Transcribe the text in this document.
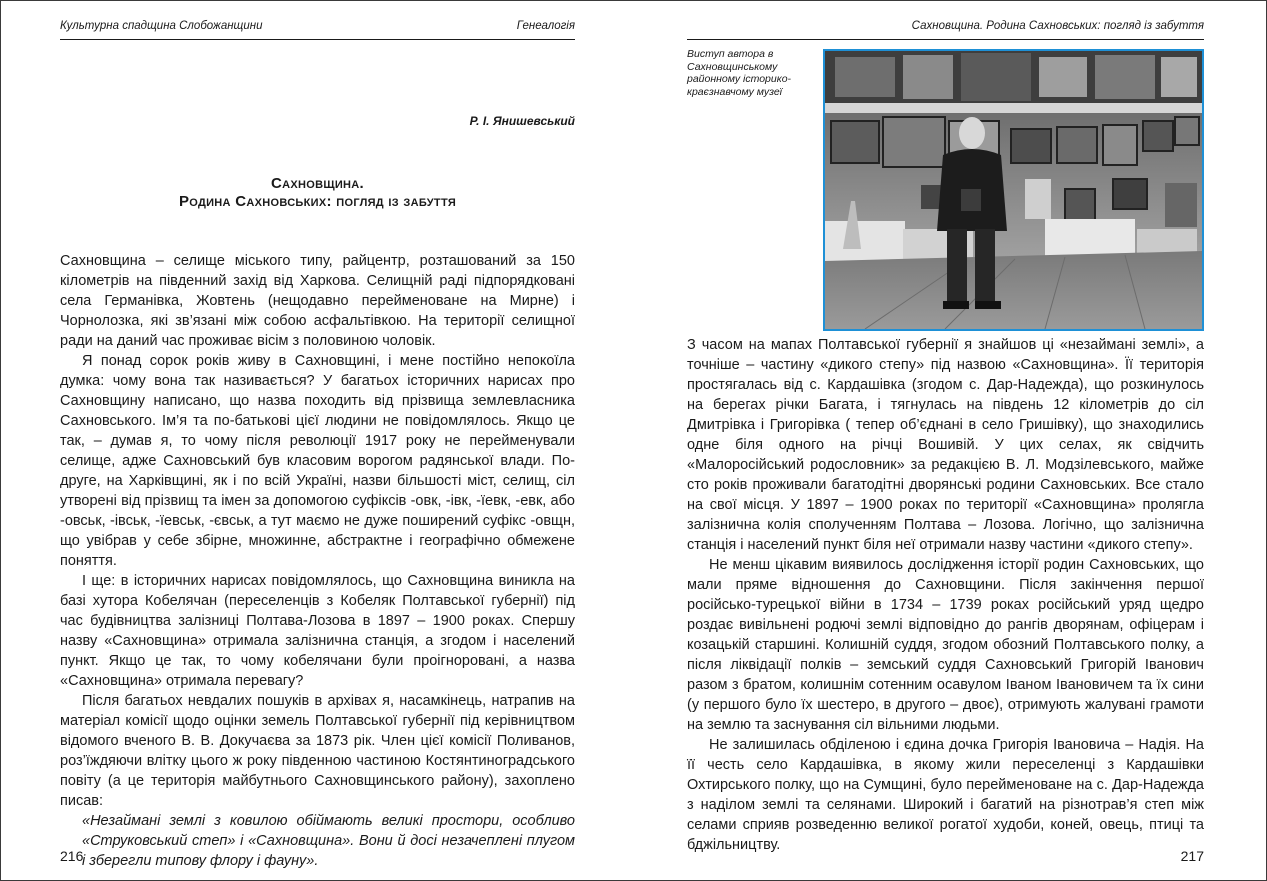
Культурна спадщина Слобожанщини	Генеалогія
Р. І. Янишевський
Сахновщина.
Родина Сахновських: погляд із забуття

Сахновщина – селище міського типу, райцентр, розташований за 150 кілометрів на південний захід від Харкова. Селищній раді підпорядковані села Германівка, Жовтень (нещодавно перейменоване на Мирне) і Чорнолозка, які зв’язані між собою асфальтівкою. На території селищної ради на даний час проживає вісім з половиною чоловік.

Я понад сорок років живу в Сахновщині, і мене постійно непокоїла думка: чому вона так називається? У багатьох історичних нарисах про Сахновщину написано, що назва походить від прізвища землевласника Сахновського. Ім’я та по-батькові цієї людини не повідомлялось. Якщо це так, – думав я, то чому після революції 1917 року не перейменували селище, адже Сахновський був класовим ворогом радянської влади. По-друге, на Харківщині, як і по всій Україні, назви більшості міст, селищ, сіл утворені від прізвищ та імен за допомогою суфіксів -овк, -івк, -їевк, -евк, або -овськ, -івськ, -їевськ, -євськ, а тут маємо не дуже поширений суфікс -овщн, що увібрав у себе збірне, множинне, абстрактне і географічно обмежене поняття.

І ще: в історичних нарисах повідомлялось, що Сахновщина виникла на базі хутора Кобелячан (переселенців з Кобеляк Полтавської губернії) під час будівництва залізниці Полтава-Лозова в 1897 – 1900 роках. Спершу назву «Сахновщина» отримала залізнична станція, а згодом і населений пункт. Якщо це так, то чому кобелячани були проігноровані, а назва «Сахновщина» отримала перевагу?

Після багатьох невдалих пошуків в архівах я, насамкінець, натрапив на матеріал комісії щодо оцінки земель Полтавської губернії під керівництвом відомого вченого В. В. Докучаєва за 1873 рік. Член цієї комісії Поливанов, роз’їждяючи влітку цього ж року південною частиною Костянтиноградського повіту (а це територія майбутнього Сахновщинського району), захоплено писав:

«Незаймані землі з ковилою обіймають великі простори, особливо «Струковський степ» і «Сахновщина». Вони й досі незачеплені плугом і зберегли типову флору і фауну».

216
Сахновщина. Родина Сахновських: погляд із забуття
Виступ автора в Сахновщинському районному історико-краєзнавчому музеї

З часом на мапах Полтавської губернії я знайшов ці «незаймані землі», а точніше – частину «дикого степу» під назвою «Сахновщина». Її територія простягалась від с. Кардашівка (згодом с. Дар-Надежда), що розкинулось на берегах річки Багата, і тягнулась на південь 12 кілометрів до сіл Дмитрівка і Григорівка ( тепер об’єднані в село Гришівку), що знаходились одне біля одного на річці Вошивій. У цих селах, як свідчить «Малоросійський родословник» за редакцією В. Л. Модзілевського, майже сто років проживали багатодітні дворянські родини Сахновських. Все стало на свої місця. У 1897 – 1900 роках по території «Сахновщина» пролягла залізнична колія сполученням Полтава – Лозова. Логічно, що залізнична станція і населений пункт біля неї отримали назву частини «дикого степу».

Не менш цікавим виявилось дослідження історії родин Сахновських, що мали пряме відношення до Сахновщини. Після закінчення першої російсько-турецької війни в 1734 – 1739 роках російський уряд щедро роздає вивільнені родючі землі відповідно до рангів дворянам, офіцерам і козацькій старшині. Колишній суддя, згодом обозний Полтавського полку, а після ліквідації полків – земський суддя Сахновський Григорій Іванович разом з братом, колишнім сотенним осавулом Іваном Івановичем та їх сини (у першого було їх шестеро, в другого – двоє), отримують жалувані грамоти на землю та заснування сіл вільними людьми.

Не залишилась обділеною і єдина дочка Григорія Івановича – Надія. На її честь село Кардашівка, в якому жили переселенці з Кардашівки Охтирського полку, що на Сумщині, було перейменоване на с. Дар-Надежда з наділом землі та селянами. Широкий і багатий на різнотрав’я степ між селами сприяв розведенню великої рогатої худоби, коней, овець, птиці та бджільництву.

217
